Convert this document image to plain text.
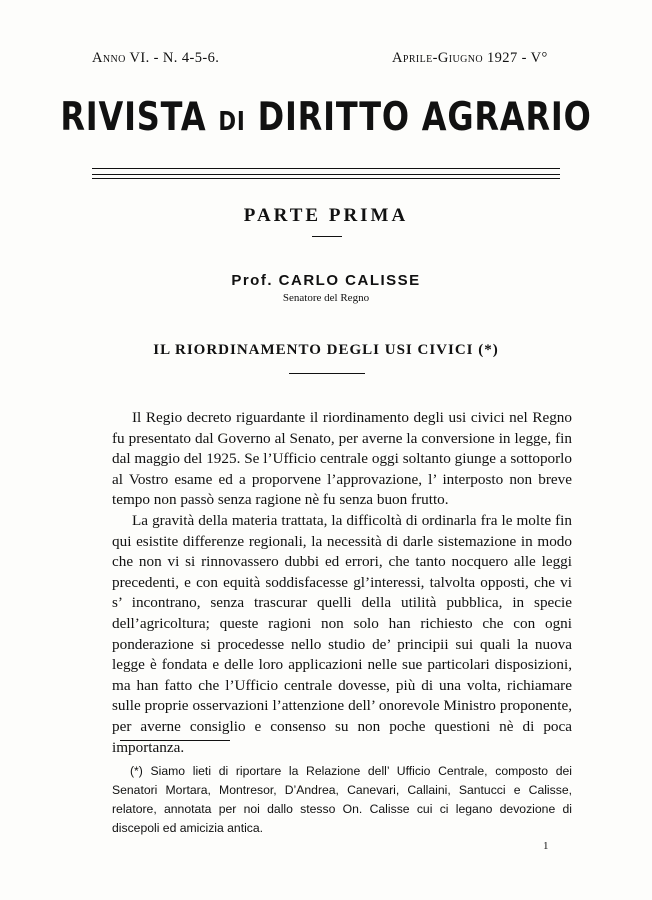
Anno VI. - N. 4-5-6.	Aprile-Giugno 1927 - V°
RIVISTA DI DIRITTO AGRARIO
PARTE PRIMA
Prof. CARLO CALISSE
Senatore del Regno
IL RIORDINAMENTO DEGLI USI CIVICI (*)

Il Regio decreto riguardante il riordinamento degli usi civici nel Regno fu presentato dal Governo al Senato, per averne la conversione in legge, fin dal maggio del 1925. Se l’Ufficio centrale oggi soltanto giunge a sottoporlo al Vostro esame ed a proporvene l’approvazione, l’ interposto non breve tempo non passò senza ragione nè fu senza buon frutto.

La gravità della materia trattata, la difficoltà di ordinarla fra le molte fin qui esistite differenze regionali, la necessità di darle sistemazione in modo che non vi si rinnovassero dubbi ed errori, che tanto nocquero alle leggi precedenti, e con equità soddisfacesse gl’interessi, talvolta opposti, che vi s’ incontrano, senza trascurar quelli della utilità pubblica, in specie dell’agricoltura; queste ragioni non solo han richiesto che con ogni ponderazione si procedesse nello studio de’ principii sui quali la nuova legge è fondata e delle loro applicazioni nelle sue particolari disposizioni, ma han fatto che l’Ufficio centrale dovesse, più di una volta, richiamare sulle proprie osservazioni l’attenzione dell’ onorevole Ministro proponente, per averne consiglio e consenso su non poche questioni nè di poca importanza.

(*) Siamo lieti di riportare la Relazione dell’ Ufficio Centrale, composto dei Senatori Mortara, Montresor, D’Andrea, Canevari, Callaini, Santucci e Calisse, relatore, annotata per noi dallo stesso On. Calisse cui ci legano devozione di discepoli ed amicizia antica.

1
